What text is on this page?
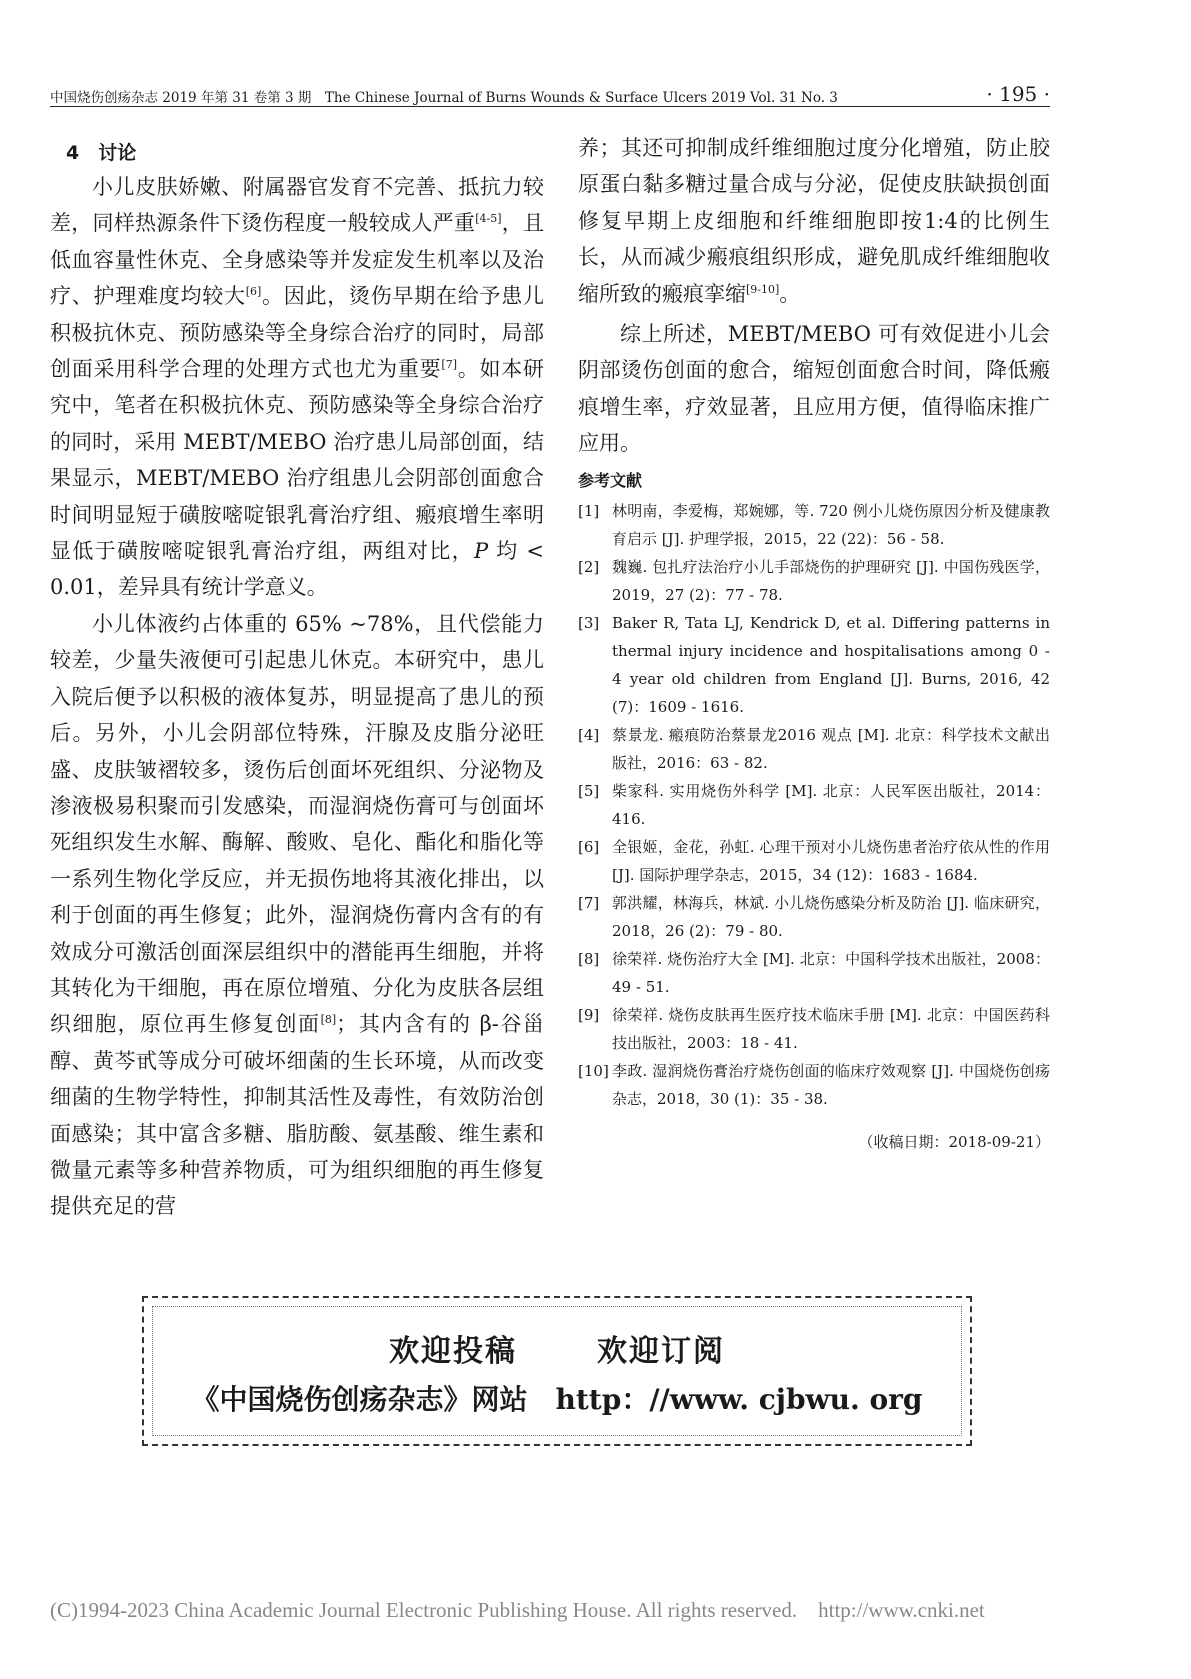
中国烧伤创疡杂志 2019 年第 31 卷第 3 期　The Chinese Journal of Burns Wounds & Surface Ulcers 2019 Vol. 31 No. 3	· 195 ·
4　讨论

小儿皮肤娇嫩、附属器官发育不完善、抵抗力较差，同样热源条件下烫伤程度一般较成人严重[4-5]，且低血容量性休克、全身感染等并发症发生机率以及治疗、护理难度均较大[6]。因此，烫伤早期在给予患儿积极抗休克、预防感染等全身综合治疗的同时，局部创面采用科学合理的处理方式也尤为重要[7]。如本研究中，笔者在积极抗休克、预防感染等全身综合治疗的同时，采用 MEBT/MEBO 治疗患儿局部创面，结果显示，MEBT/MEBO 治疗组患儿会阴部创面愈合时间明显短于磺胺嘧啶银乳膏治疗组、瘢痕增生率明显低于磺胺嘧啶银乳膏治疗组，两组对比，P 均 < 0.01，差异具有统计学意义。

小儿体液约占体重的 65% ~78%，且代偿能力较差，少量失液便可引起患儿休克。本研究中，患儿入院后便予以积极的液体复苏，明显提高了患儿的预后。另外，小儿会阴部位特殊，汗腺及皮脂分泌旺盛、皮肤皱褶较多，烫伤后创面坏死组织、分泌物及渗液极易积聚而引发感染，而湿润烧伤膏可与创面坏死组织发生水解、酶解、酸败、皂化、酯化和脂化等一系列生物化学反应，并无损伤地将其液化排出，以利于创面的再生修复；此外，湿润烧伤膏内含有的有效成分可激活创面深层组织中的潜能再生细胞，并将其转化为干细胞，再在原位增殖、分化为皮肤各层组织细胞，原位再生修复创面[8]；其内含有的 β-谷甾醇、黄芩甙等成分可破坏细菌的生长环境，从而改变细菌的生物学特性，抑制其活性及毒性，有效防治创面感染；其中富含多糖、脂肪酸、氨基酸、维生素和微量元素等多种营养物质，可为组织细胞的再生修复提供充足的营

养；其还可抑制成纤维细胞过度分化增殖，防止胶原蛋白黏多糖过量合成与分泌，促使皮肤缺损创面修复早期上皮细胞和纤维细胞即按1:4的比例生长，从而减少瘢痕组织形成，避免肌成纤维细胞收缩所致的瘢痕挛缩[9-10]。

综上所述，MEBT/MEBO 可有效促进小儿会阴部烫伤创面的愈合，缩短创面愈合时间，降低瘢痕增生率，疗效显著，且应用方便，值得临床推广应用。

参考文献
[1] 林明南，李爱梅，郑婉娜，等. 720 例小儿烧伤原因分析及健康教育启示 [J]. 护理学报，2015，22 (22)：56 - 58.
[2] 魏巍. 包扎疗法治疗小儿手部烧伤的护理研究 [J]. 中国伤残医学，2019，27 (2)：77 - 78.
[3] Baker R, Tata LJ, Kendrick D, et al. Differing patterns in thermal injury incidence and hospitalisations among 0 - 4 year old children from England [J]. Burns, 2016, 42 (7)：1609 - 1616.
[4] 蔡景龙. 瘢痕防治蔡景龙2016 观点 [M]. 北京：科学技术文献出版社，2016：63 - 82.
[5] 柴家科. 实用烧伤外科学 [M]. 北京：人民军医出版社，2014：416.
[6] 全银姬，金花，孙虹. 心理干预对小儿烧伤患者治疗依从性的作用 [J]. 国际护理学杂志，2015，34 (12)：1683 - 1684.
[7] 郭洪耀，林海兵，林斌. 小儿烧伤感染分析及防治 [J]. 临床研究，2018，26 (2)：79 - 80.
[8] 徐荣祥. 烧伤治疗大全 [M]. 北京：中国科学技术出版社，2008：49 - 51.
[9] 徐荣祥. 烧伤皮肤再生医疗技术临床手册 [M]. 北京：中国医药科技出版社，2003：18 - 41.
[10] 李政. 湿润烧伤膏治疗烧伤创面的临床疗效观察 [J]. 中国烧伤创疡杂志，2018，30 (1)：35 - 38.
（收稿日期：2018-09-21）
欢迎投稿	欢迎订阅
《中国烧伤创疡杂志》网站　http：//www. cjbwu. org
(C)1994-2023 China Academic Journal Electronic Publishing House. All rights reserved.　http://www.cnki.net
